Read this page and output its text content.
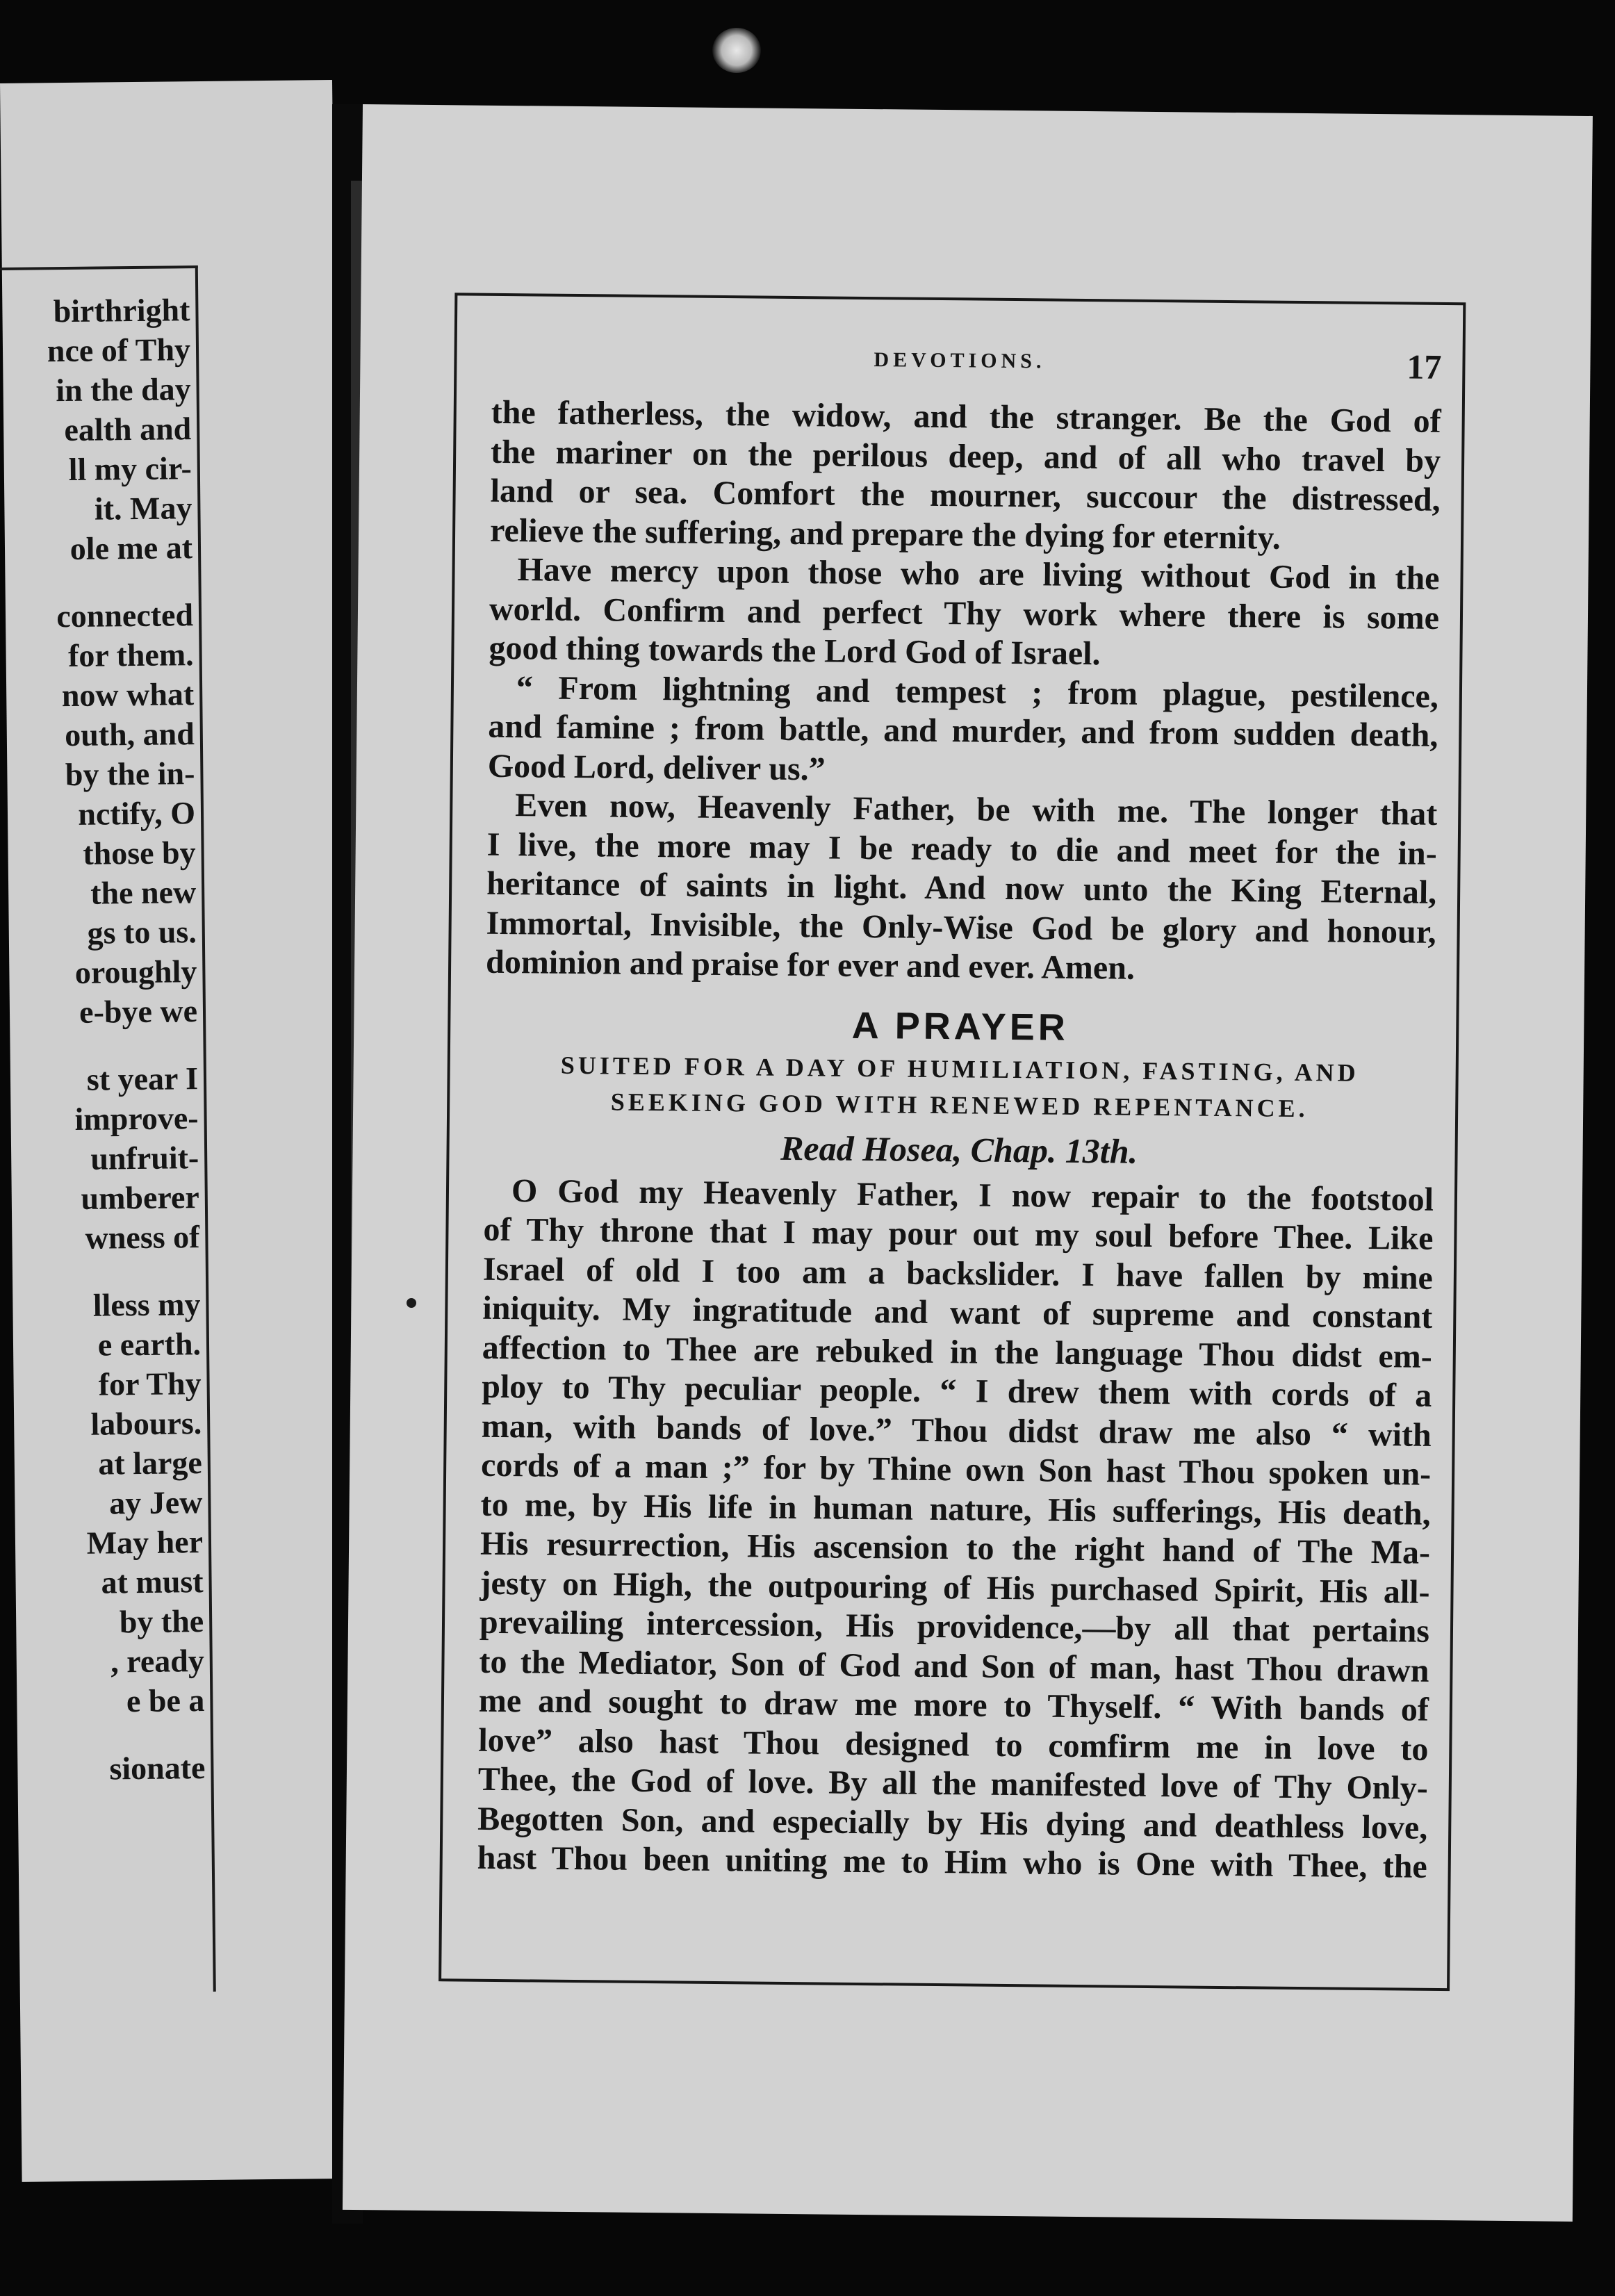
birthright
nce of Thy
in the day
ealth and
ll my cir-
it. May
ole me at
connected
for them.
now what
outh, and
by the in-
nctify, O
those by
the new
gs to us.
oroughly
e-bye we
st year I
improve-
unfruit-
umberer
wness of
lless my
e earth.
for Thy
labours.
at large
ay Jew
May her
at must
by the
, ready
e be a
sionate
DEVOTIONS.	17
the fatherless, the widow, and the stranger. Be the God of
the mariner on the perilous deep, and of all who travel by
land or sea. Comfort the mourner, succour the distressed,
relieve the suffering, and prepare the dying for eternity.
Have mercy upon those who are living without God in the
world. Confirm and perfect Thy work where there is some
good thing towards the Lord God of Israel.
“ From lightning and tempest ; from plague, pestilence,
and famine ; from battle, and murder, and from sudden death,
Good Lord, deliver us.”
Even now, Heavenly Father, be with me. The longer that
I live, the more may I be ready to die and meet for the in-
heritance of saints in light. And now unto the King Eternal,
Immortal, Invisible, the Only-Wise God be glory and honour,
dominion and praise for ever and ever. Amen.
A PRAYER
SUITED FOR A DAY OF HUMILIATION, FASTING, AND
SEEKING GOD WITH RENEWED REPENTANCE.
Read Hosea, Chap. 13th.
O God my Heavenly Father, I now repair to the footstool
of Thy throne that I may pour out my soul before Thee. Like
Israel of old I too am a backslider. I have fallen by mine
iniquity. My ingratitude and want of supreme and constant
affection to Thee are rebuked in the language Thou didst em-
ploy to Thy peculiar people. “ I drew them with cords of a
man, with bands of love.” Thou didst draw me also “ with
cords of a man ;” for by Thine own Son hast Thou spoken un-
to me, by His life in human nature, His sufferings, His death,
His resurrection, His ascension to the right hand of The Ma-
jesty on High, the outpouring of His purchased Spirit, His all-
prevailing intercession, His providence,—by all that pertains
to the Mediator, Son of God and Son of man, hast Thou drawn
me and sought to draw me more to Thyself. “ With bands of
love” also hast Thou designed to comfirm me in love to
Thee, the God of love. By all the manifested love of Thy Only-
Begotten Son, and especially by His dying and deathless love,
hast Thou been uniting me to Him who is One with Thee, the
